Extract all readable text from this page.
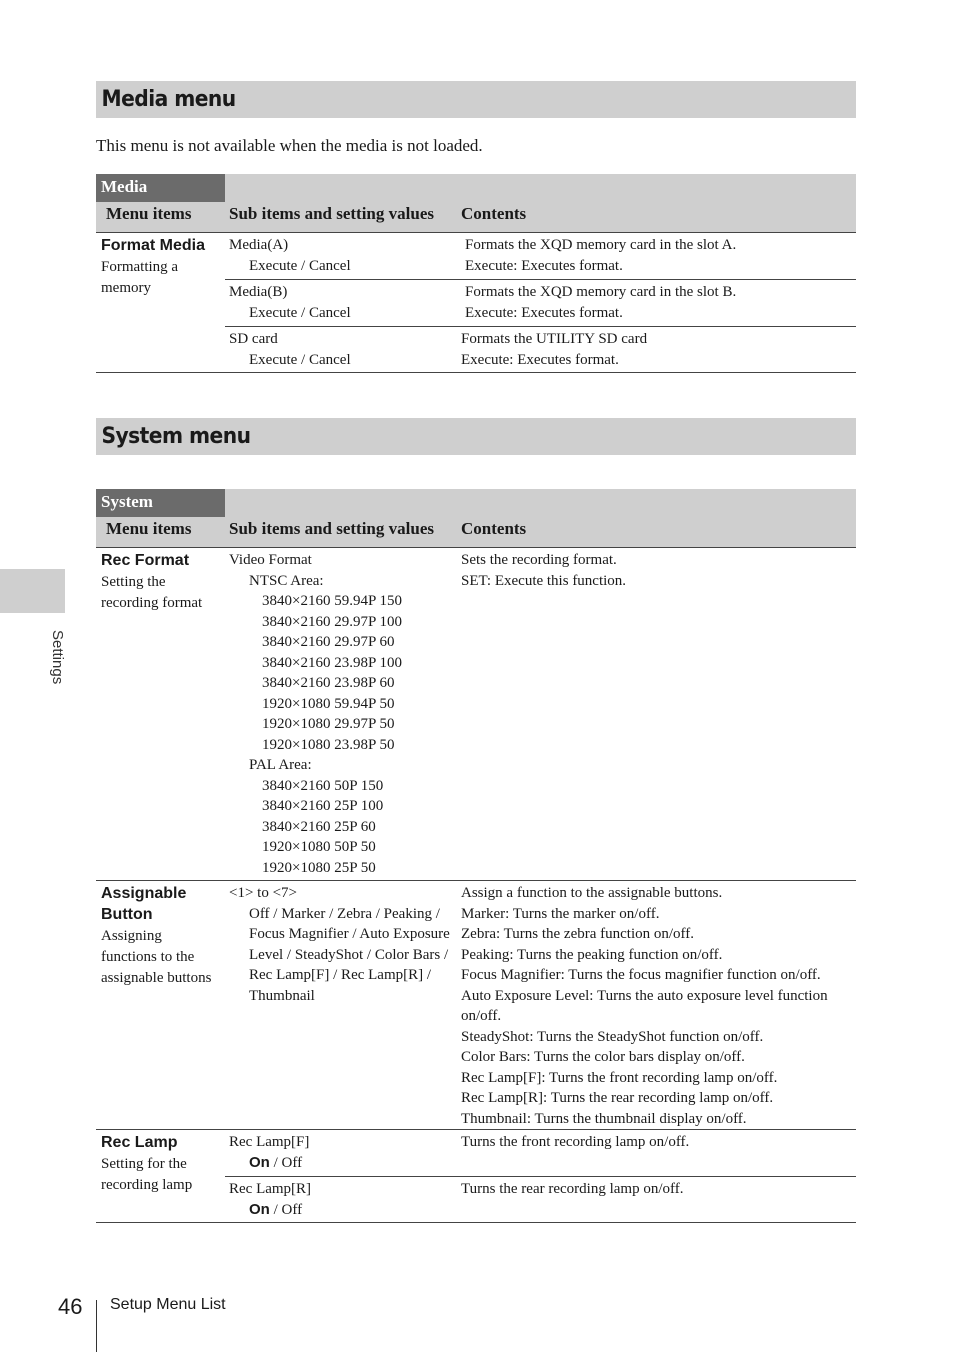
Media menu
This menu is not available when the media is not loaded.
Media
Menu items Sub items and setting values Contents
Format Media
Formatting a memory
Media(A)
Execute / Cancel
Formats the XQD memory card in the slot A.
Execute: Executes format.
Media(B)
Execute / Cancel
Formats the XQD memory card in the slot B.
Execute: Executes format.
SD card
Execute / Cancel
Formats the UTILITY SD card
Execute: Executes format.
System menu
System
Menu items Sub items and setting values Contents
Rec Format
Setting the recording format
Video Format
NTSC Area:
3840×2160 59.94P 150
3840×2160 29.97P 100
3840×2160 29.97P 60
3840×2160 23.98P 100
3840×2160 23.98P 60
1920×1080 59.94P 50
1920×1080 29.97P 50
1920×1080 23.98P 50
PAL Area:
3840×2160 50P 150
3840×2160 25P 100
3840×2160 25P 60
1920×1080 50P 50
1920×1080 25P 50
Sets the recording format.
SET: Execute this function.
Assignable Button
Assigning functions to the assignable buttons
<1> to <7>
Off / Marker / Zebra / Peaking / Focus Magnifier / Auto Exposure Level / SteadyShot / Color Bars / Rec Lamp[F] / Rec Lamp[R] / Thumbnail
Assign a function to the assignable buttons.
Marker: Turns the marker on/off.
Zebra: Turns the zebra function on/off.
Peaking: Turns the peaking function on/off.
Focus Magnifier: Turns the focus magnifier function on/off.
Auto Exposure Level: Turns the auto exposure level function on/off.
SteadyShot: Turns the SteadyShot function on/off.
Color Bars: Turns the color bars display on/off.
Rec Lamp[F]: Turns the front recording lamp on/off.
Rec Lamp[R]: Turns the rear recording lamp on/off.
Thumbnail: Turns the thumbnail display on/off.
Rec Lamp
Setting for the recording lamp
Rec Lamp[F]
On / Off
Turns the front recording lamp on/off.
Rec Lamp[R]
On / Off
Turns the rear recording lamp on/off.
Settings
46 Setup Menu List
